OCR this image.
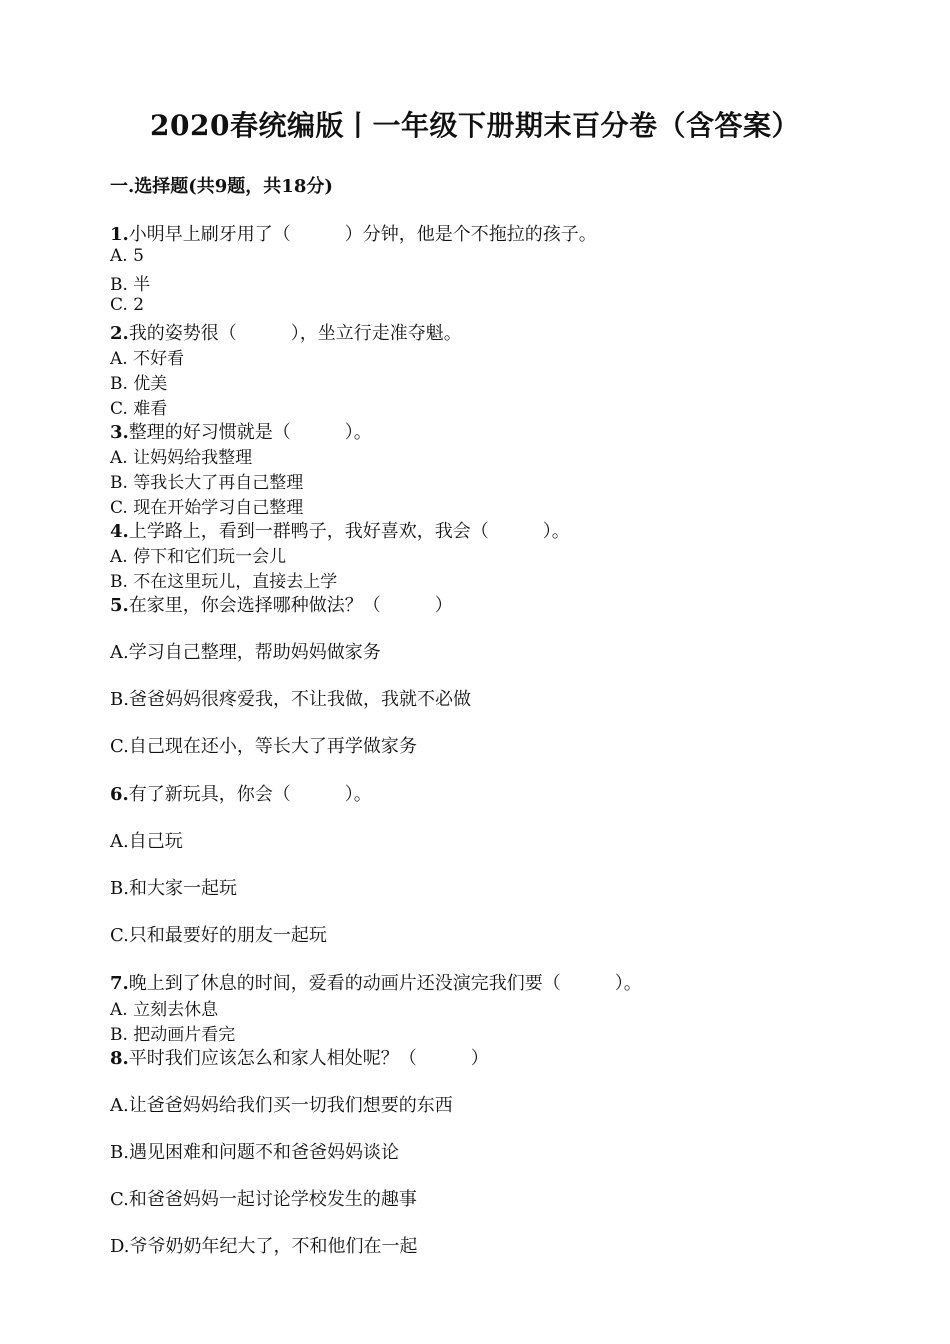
2020春统编版丨一年级下册期末百分卷（含答案）
一.选择题(共9题，共18分)
1.小明早上刷牙用了（　　　）分钟，他是个不拖拉的孩子。
A. 5
B. 半
C. 2
2.我的姿势很（　　　），坐立行走准夺魁。
A. 不好看
B. 优美
C. 难看
3.整理的好习惯就是（　　　）。
A. 让妈妈给我整理
B. 等我长大了再自己整理
C. 现在开始学习自己整理
4.上学路上，看到一群鸭子，我好喜欢，我会（　　　）。
A. 停下和它们玩一会儿
B. 不在这里玩儿，直接去上学
5.在家里，你会选择哪种做法？（　　　）
A.学习自己整理，帮助妈妈做家务
B.爸爸妈妈很疼爱我，不让我做，我就不必做
C.自己现在还小，等长大了再学做家务
6.有了新玩具，你会（　　　）。
A.自己玩
B.和大家一起玩
C.只和最要好的朋友一起玩
7.晚上到了休息的时间，爱看的动画片还没演完我们要（　　　）。
A. 立刻去休息
B. 把动画片看完
8.平时我们应该怎么和家人相处呢？（　　　）
A.让爸爸妈妈给我们买一切我们想要的东西
B.遇见困难和问题不和爸爸妈妈谈论
C.和爸爸妈妈一起讨论学校发生的趣事
D.爷爷奶奶年纪大了，不和他们在一起
